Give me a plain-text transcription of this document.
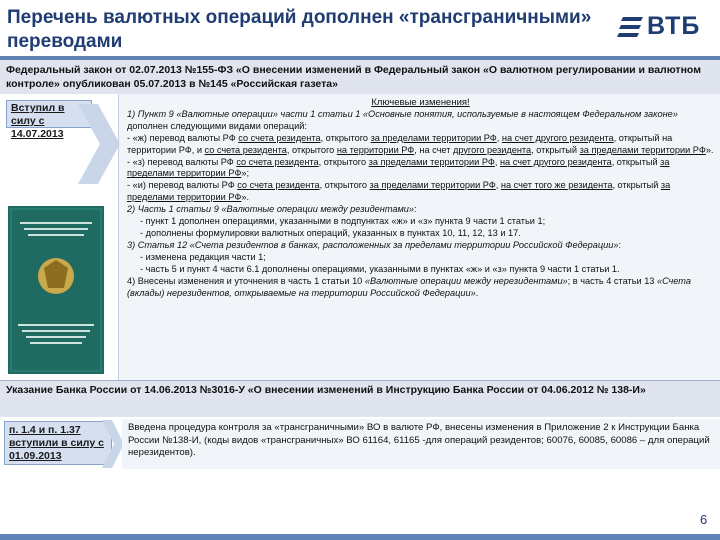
Перечень валютных операций дополнен «трансграничными» переводами
ВТБ
Федеральный закон от 02.07.2013 №155-ФЗ «О внесении изменений в Федеральный закон «О валютном регулировании и валютном контроле» опубликован 05.07.2013 в №145 «Российская газета»
Вступил в силу с 14.07.2013
Ключевые изменения!

1) Пункт 9 «Валютные операции» части 1 статьи 1 «Основные понятия, используемые в настоящем Федеральном законе» дополнен следующими видами операций:

- «ж) перевод валюты РФ со счета резидента, открытого за пределами территории РФ, на счет другого резидента, открытый на территории РФ, и со счета резидента, открытого на территории РФ, на счет другого резидента, открытый за пределами территории РФ».

- «з) перевод валюты РФ со счета резидента, открытого за пределами территории РФ, на счет другого резидента, открытый за пределами территории РФ»;

- «и) перевод валюты РФ со счета резидента, открытого за пределами территории РФ, на счет того же резидента, открытый за пределами территории РФ».

2) Часть 1 статьи 9 «Валютные операции между резидентами»:

- пункт 1 дополнен операциями, указанными в подпунктах «ж» и «з» пункта 9 части 1 статьи 1;

- дополнены формулировки валютных операций, указанных в пунктах 10, 11, 12, 13 и 17.

3) Статья 12 «Счета резидентов в банках, расположенных за пределами территории Российской Федерации»:

- изменена редакция части 1;

- часть 5 и пункт 4 части 6.1 дополнены операциями, указанными в пунктах «ж» и «з» пункта 9 части 1 статьи 1.

4) Внесены изменения и уточнения в часть 1 статьи 10 «Валютные операции между нерезидентами»; в часть 4 статьи 13 «Счета (вклады) нерезидентов, открываемые на территории Российской Федерации».

Указание Банка России от 14.06.2013 №3016-У «О внесении изменений в Инструкцию Банка России от 04.06.2012 № 138-И»
п. 1.4 и п. 1.37 вступили в силу с 01.09.2013
Введена процедура контроля за «трансграничными» ВО в валюте РФ, внесены изменения в Приложение 2 к Инструкции Банка России №138-И, (коды видов «трансграничных» ВО 61164, 61165 -для операций резидентов; 60076, 60085, 60086 – для операций нерезидентов).
6
